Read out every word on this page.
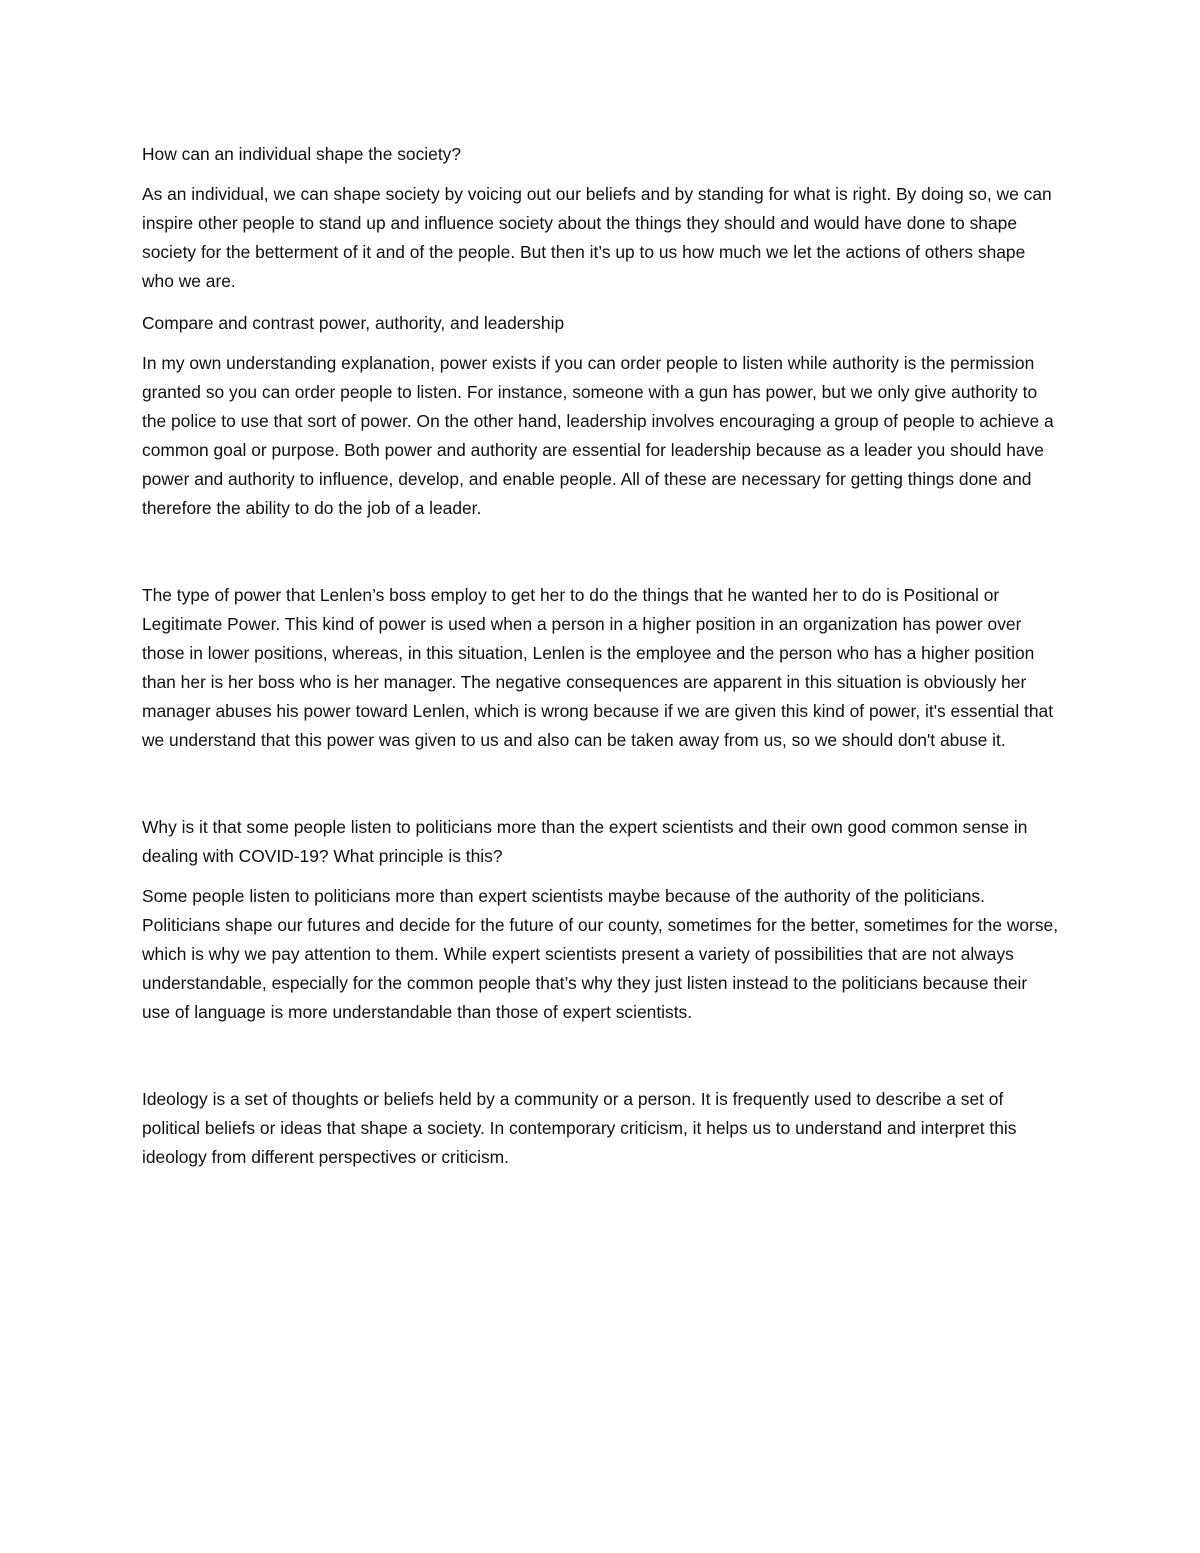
How can an individual shape the society?

As an individual, we can shape society by voicing out our beliefs and by standing for what is right. By doing so, we can inspire other people to stand up and influence society about the things they should and would have done to shape society for the betterment of it and of the people. But then it’s up to us how much we let the actions of others shape who we are.

Compare and contrast power, authority, and leadership

In my own understanding explanation, power exists if you can order people to listen while authority is the permission granted so you can order people to listen. For instance, someone with a gun has power, but we only give authority to the police to use that sort of power. On the other hand, leadership involves encouraging a group of people to achieve a common goal or purpose. Both power and authority are essential for leadership because as a leader you should have power and authority to influence, develop, and enable people. All of these are necessary for getting things done and therefore the ability to do the job of a leader.

The type of power that Lenlen’s boss employ to get her to do the things that he wanted her to do is Positional or Legitimate Power. This kind of power is used when a person in a higher position in an organization has power over those in lower positions, whereas, in this situation, Lenlen is the employee and the person who has a higher position than her is her boss who is her manager. The negative consequences are apparent in this situation is obviously her manager abuses his power toward Lenlen, which is wrong because if we are given this kind of power, it's essential that we understand that this power was given to us and also can be taken away from us, so we should don't abuse it.

Why is it that some people listen to politicians more than the expert scientists and their own good common sense in dealing with COVID-19? What principle is this?

Some people listen to politicians more than expert scientists maybe because of the authority of the politicians. Politicians shape our futures and decide for the future of our county, sometimes for the better, sometimes for the worse, which is why we pay attention to them. While expert scientists present a variety of possibilities that are not always understandable, especially for the common people that’s why they just listen instead to the politicians because their use of language is more understandable than those of expert scientists.

Ideology is a set of thoughts or beliefs held by a community or a person. It is frequently used to describe a set of political beliefs or ideas that shape a society. In contemporary criticism, it helps us to understand and interpret this ideology from different perspectives or criticism.
